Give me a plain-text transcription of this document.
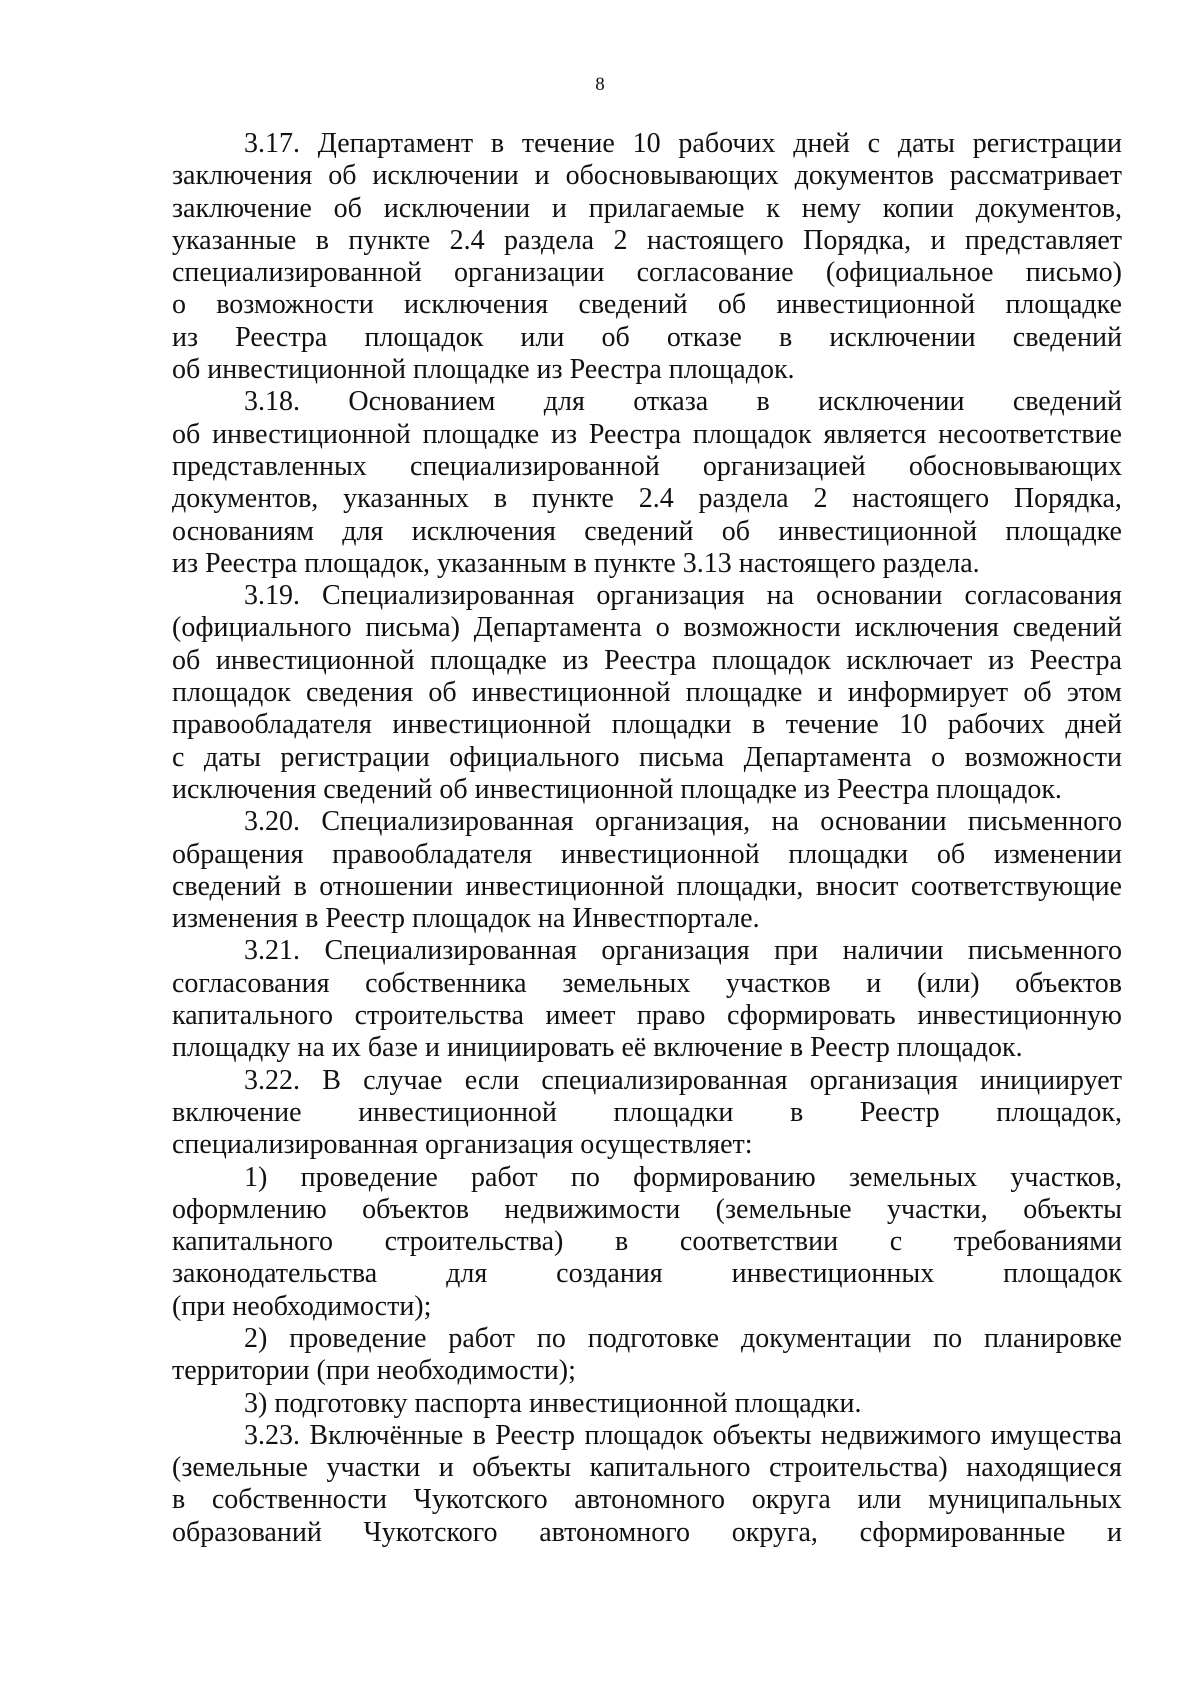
8
3.17. Департамент в течение 10 рабочих дней с даты регистрации
заключения об исключении и обосновывающих документов рассматривает
заключение об исключении и прилагаемые к нему копии документов,
указанные в пункте 2.4 раздела 2 настоящего Порядка, и представляет
специализированной организации согласование (официальное письмо)
о возможности исключения сведений об инвестиционной площадке
из Реестра площадок или об отказе в исключении сведений
об инвестиционной площадке из Реестра площадок.
3.18. Основанием для отказа в исключении сведений
об инвестиционной площадке из Реестра площадок является несоответствие
представленных специализированной организацией обосновывающих
документов, указанных в пункте 2.4 раздела 2 настоящего Порядка,
основаниям для исключения сведений об инвестиционной площадке
из Реестра площадок, указанным в пункте 3.13 настоящего раздела.
3.19. Специализированная организация на основании согласования
(официального письма) Департамента о возможности исключения сведений
об инвестиционной площадке из Реестра площадок исключает из Реестра
площадок сведения об инвестиционной площадке и информирует об этом
правообладателя инвестиционной площадки в течение 10 рабочих дней
с даты регистрации официального письма Департамента о возможности
исключения сведений об инвестиционной площадке из Реестра площадок.
3.20. Специализированная организация, на основании письменного
обращения правообладателя инвестиционной площадки об изменении
сведений в отношении инвестиционной площадки, вносит соответствующие
изменения в Реестр площадок на Инвестпортале.
3.21. Специализированная организация при наличии письменного
согласования собственника земельных участков и (или) объектов
капитального строительства имеет право сформировать инвестиционную
площадку на их базе и инициировать её включение в Реестр площадок.
3.22. В случае если специализированная организация инициирует
включение инвестиционной площадки в Реестр площадок,
специализированная организация осуществляет:
1) проведение работ по формированию земельных участков,
оформлению объектов недвижимости (земельные участки, объекты
капитального строительства) в соответствии с требованиями
законодательства для создания инвестиционных площадок
(при необходимости);
2) проведение работ по подготовке документации по планировке
территории (при необходимости);
3) подготовку паспорта инвестиционной площадки.
3.23. Включённые в Реестр площадок объекты недвижимого имущества
(земельные участки и объекты капитального строительства) находящиеся
в собственности Чукотского автономного округа или муниципальных
образований Чукотского автономного округа, сформированные и
